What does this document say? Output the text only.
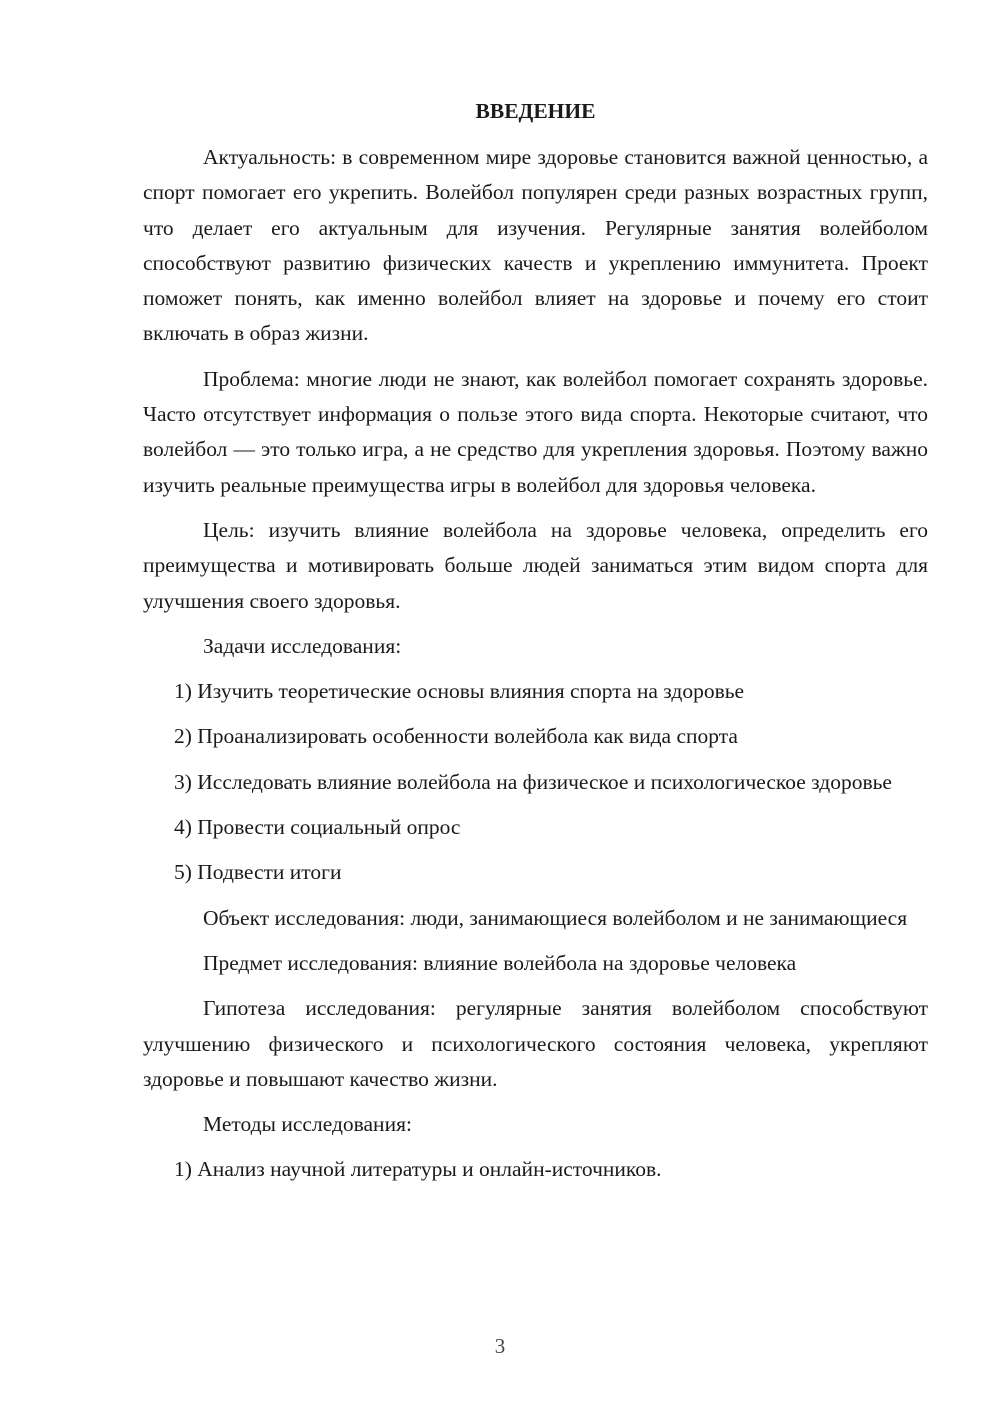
ВВЕДЕНИЕ

Актуальность: в современном мире здоровье становится важной ценностью, а спорт помогает его укрепить. Волейбол популярен среди разных возрастных групп, что делает его актуальным для изучения. Регулярные занятия волейболом способствуют развитию физических качеств и укреплению иммунитета. Проект поможет понять, как именно волейбол влияет на здоровье и почему его стоит включать в образ жизни.

Проблема: многие люди не знают, как волейбол помогает сохранять здоровье. Часто отсутствует информация о пользе этого вида спорта. Некоторые считают, что волейбол — это только игра, а не средство для укрепления здоровья. Поэтому важно изучить реальные преимущества игры в волейбол для здоровья человека.

Цель: изучить влияние волейбола на здоровье человека, определить его преимущества и мотивировать больше людей заниматься этим видом спорта для улучшения своего здоровья.

Задачи исследования:

1) Изучить теоретические основы влияния спорта на здоровье

2) Проанализировать особенности волейбола как вида спорта

3) Исследовать влияние волейбола на физическое и психологическое здоровье

4) Провести социальный опрос

5) Подвести итоги

Объект исследования: люди, занимающиеся волейболом и не занимающиеся

Предмет исследования: влияние волейбола на здоровье человека

Гипотеза исследования: регулярные занятия волейболом способствуют улучшению физического и психологического состояния человека, укрепляют здоровье и повышают качество жизни.

Методы исследования:

1) Анализ научной литературы и онлайн-источников.

3
